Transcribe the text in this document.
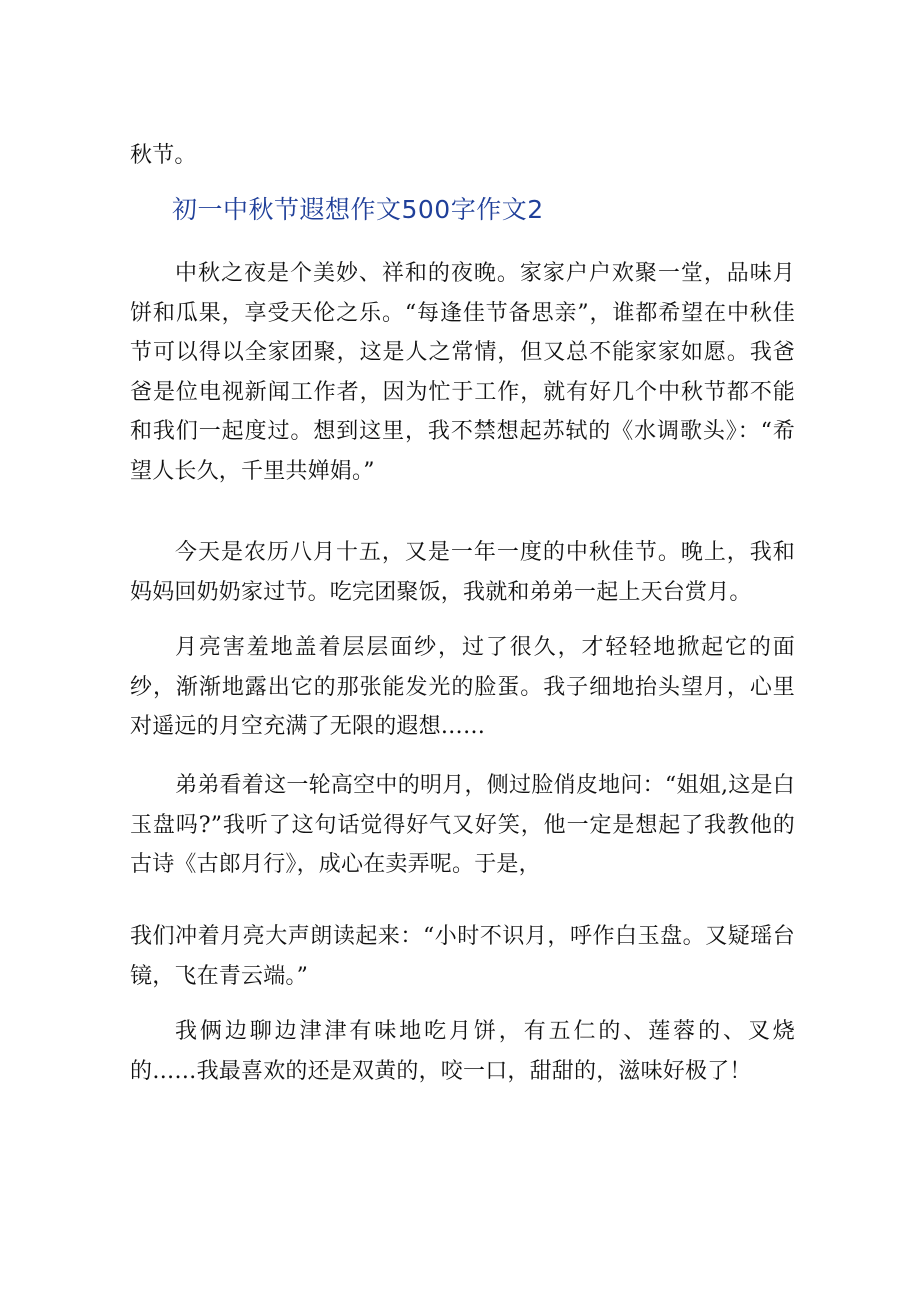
秋节。

初一中秋节遐想作文500字作文2

中秋之夜是个美妙、祥和的夜晚。家家户户欢聚一堂，品味月饼和瓜果，享受天伦之乐。“每逢佳节备思亲”，谁都希望在中秋佳节可以得以全家团聚，这是人之常情，但又总不能家家如愿。我爸爸是位电视新闻工作者，因为忙于工作，就有好几个中秋节都不能和我们一起度过。想到这里，我不禁想起苏轼的《水调歌头》：“希望人长久，千里共婵娟。”

今天是农历八月十五，又是一年一度的中秋佳节。晚上，我和妈妈回奶奶家过节。吃完团聚饭，我就和弟弟一起上天台赏月。

月亮害羞地盖着层层面纱，过了很久，才轻轻地掀起它的面纱，渐渐地露出它的那张能发光的脸蛋。我子细地抬头望月，心里对遥远的月空充满了无限的遐想……

弟弟看着这一轮高空中的明月，侧过脸俏皮地问：“姐姐,这是白玉盘吗?”我听了这句话觉得好气又好笑，他一定是想起了我教他的古诗《古郎月行》，成心在卖弄呢。于是，

我们冲着月亮大声朗读起来：“小时不识月，呼作白玉盘。又疑瑶台镜，飞在青云端。”

我俩边聊边津津有味地吃月饼，有五仁的、莲蓉的、叉烧的……我最喜欢的还是双黄的，咬一口，甜甜的，滋味好极了！
